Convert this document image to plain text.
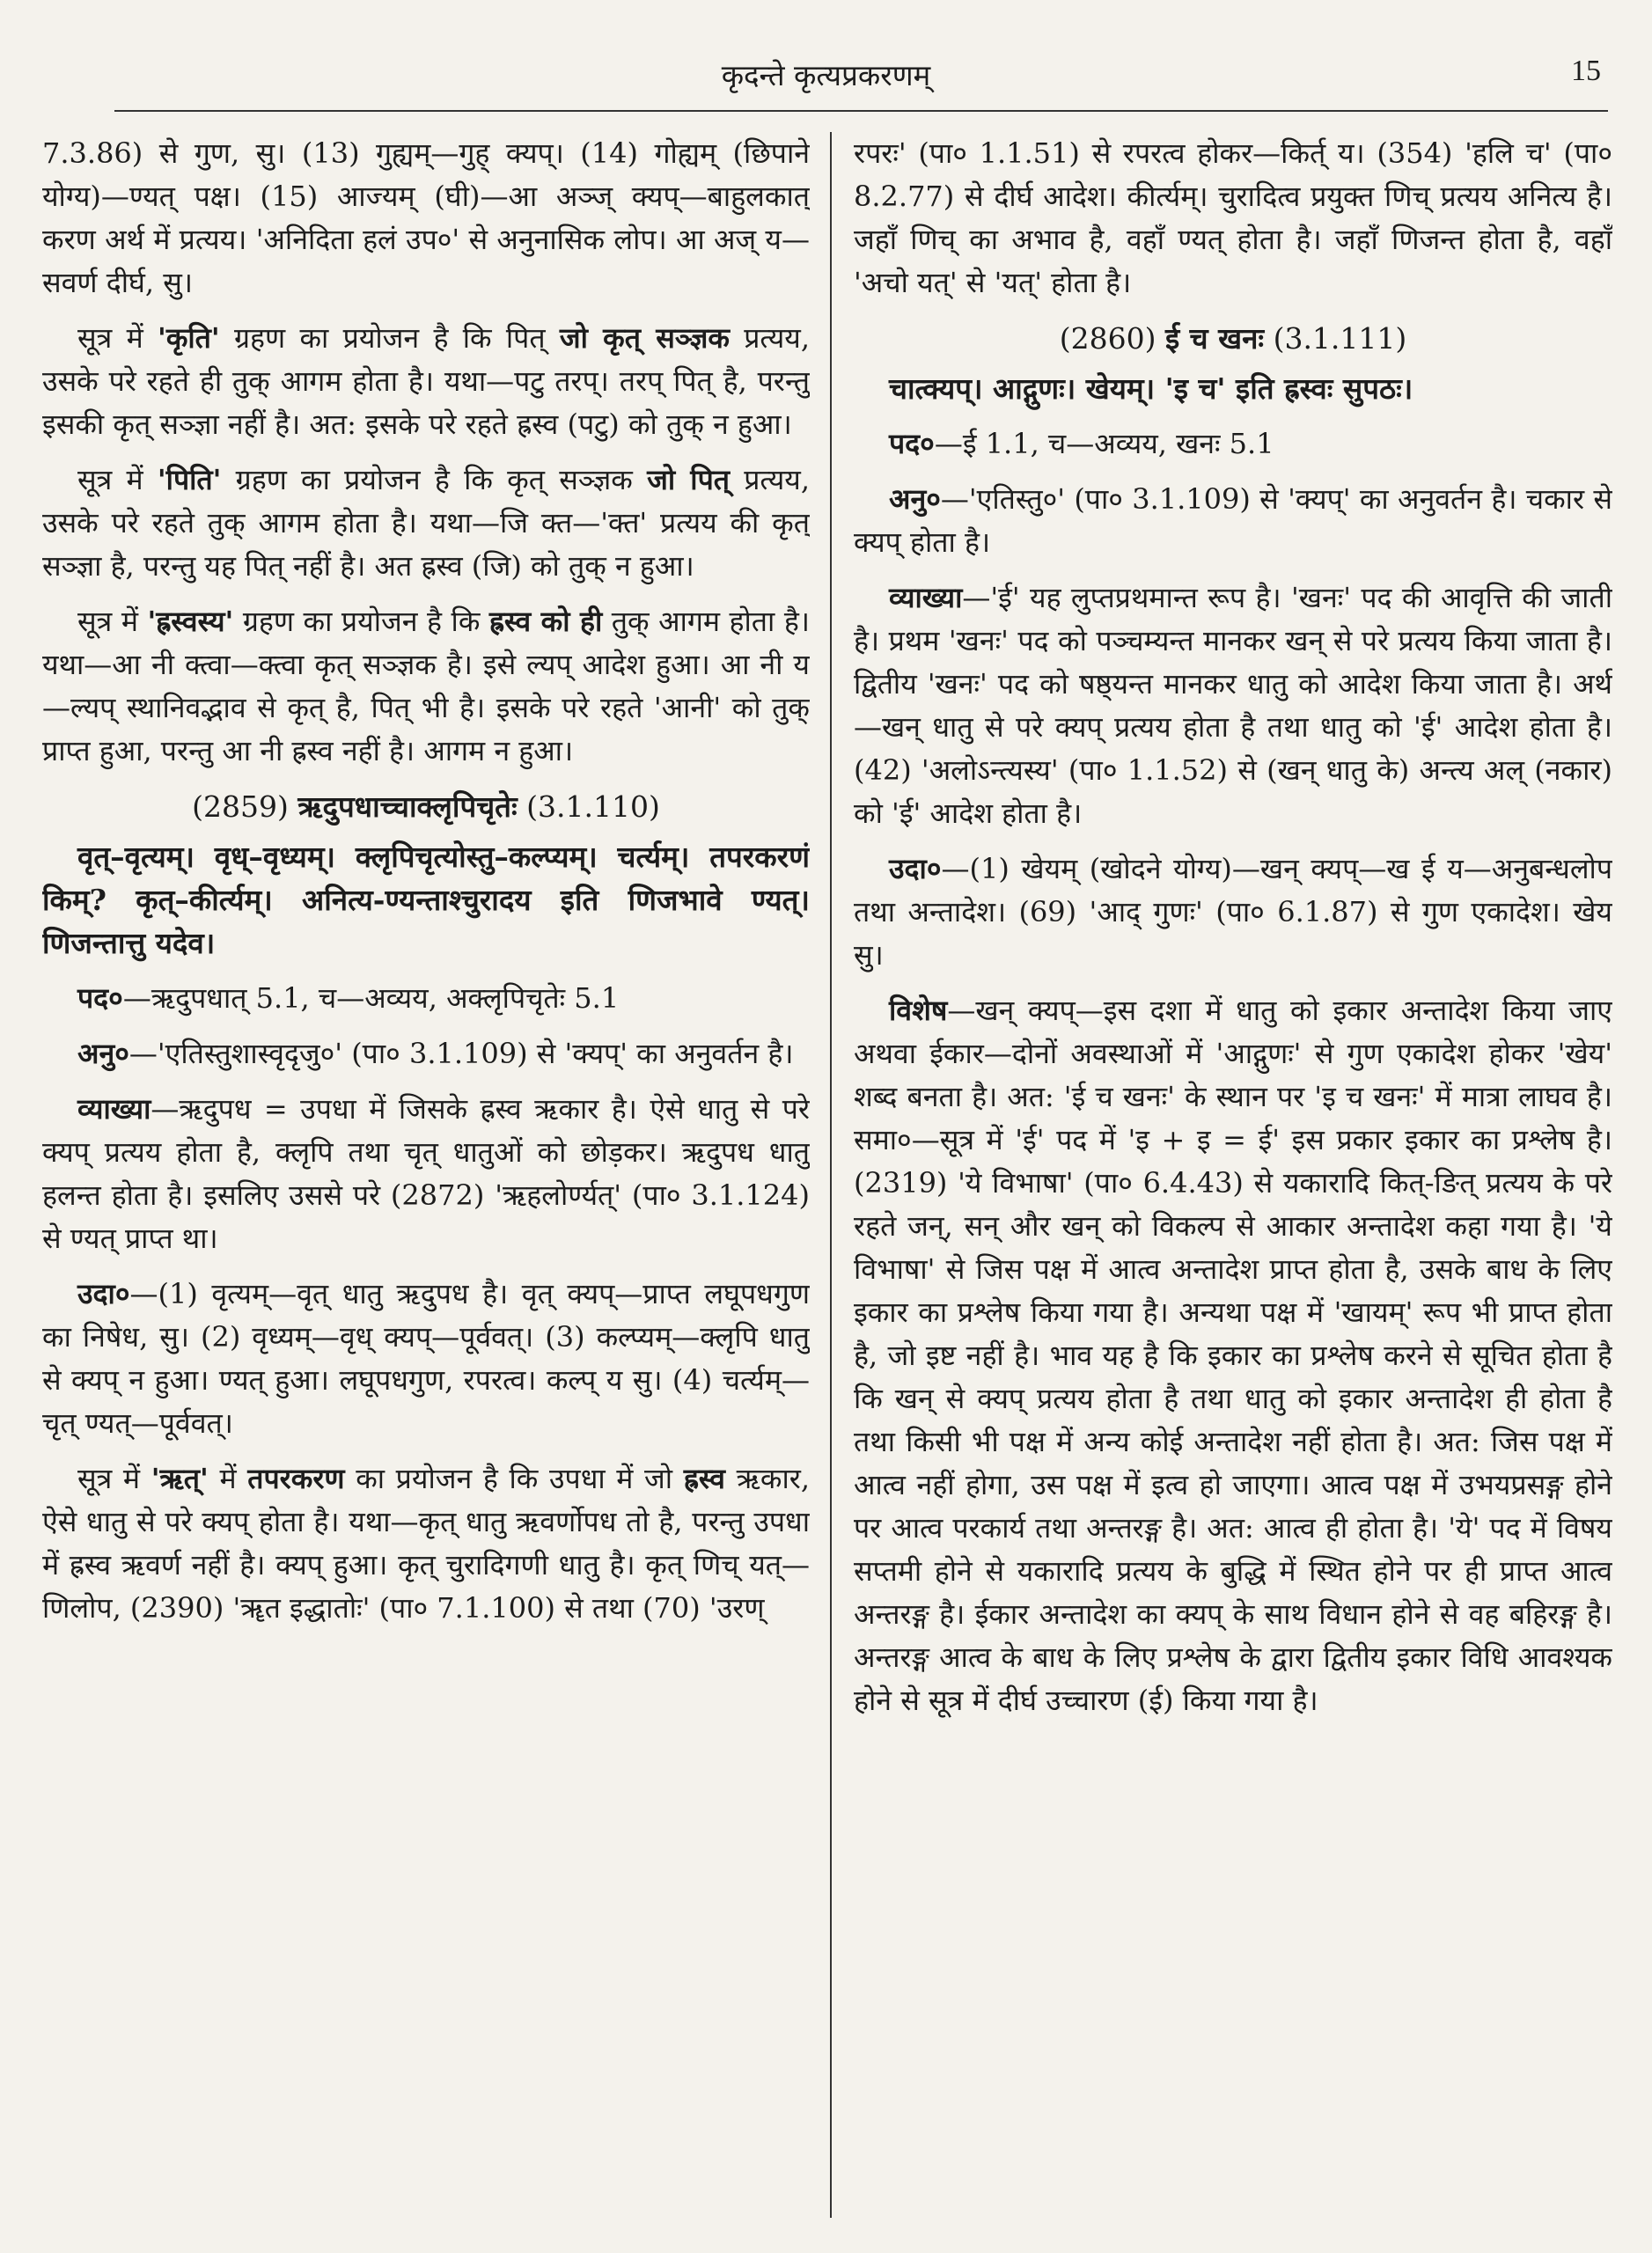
कृदन्ते कृत्यप्रकरणम्	15

7.3.86) से गुण, सु। (13) गुह्यम्—गुह् क्यप्। (14) गोह्यम् (छिपाने योग्य)—ण्यत् पक्ष। (15) आज्यम् (घी)—आ अञ्ज् क्यप्—बाहुलकात् करण अर्थ में प्रत्यय। 'अनिदिता हलं उप०' से अनुनासिक लोप। आ अज् य—सवर्ण दीर्घ, सु।

सूत्र में 'कृति' ग्रहण का प्रयोजन है कि पित् जो कृत् सञ्ज्ञक प्रत्यय, उसके परे रहते ही तुक् आगम होता है। यथा—पटु तरप्। तरप् पित् है, परन्तु इसकी कृत् सञ्ज्ञा नहीं है। अत: इसके परे रहते ह्रस्व (पटु) को तुक् न हुआ।

सूत्र में 'पिति' ग्रहण का प्रयोजन है कि कृत् सञ्ज्ञक जो पित् प्रत्यय, उसके परे रहते तुक् आगम होता है। यथा—जि क्त—'क्त' प्रत्यय की कृत् सञ्ज्ञा है, परन्तु यह पित् नहीं है। अत ह्रस्व (जि) को तुक् न हुआ।

सूत्र में 'ह्रस्वस्य' ग्रहण का प्रयोजन है कि ह्रस्व को ही तुक् आगम होता है। यथा—आ नी क्त्वा—क्त्वा कृत् सञ्ज्ञक है। इसे ल्यप् आदेश हुआ। आ नी य—ल्यप् स्थानिवद्भाव से कृत् है, पित् भी है। इसके परे रहते 'आनी' को तुक् प्राप्त हुआ, परन्तु आ नी ह्रस्व नहीं है। आगम न हुआ।

(2859) ऋदुपधाच्चाक्लृपिचृतेः (3.1.110)

वृत्–वृत्यम्। वृध्–वृध्यम्। क्लृपिचृत्योस्तु–कल्प्यम्। चर्त्यम्। तपरकरणं किम्? कृत्–कीर्त्यम्। अनित्य-ण्यन्ताश्चुरादय इति णिजभावे ण्यत्। णिजन्तात्तु यदेव।

पद०—ऋदुपधात् 5.1, च—अव्यय, अक्लृपिचृतेः 5.1

अनु०—'एतिस्तुशास्वृदृजु०' (पा० 3.1.109) से 'क्यप्' का अनुवर्तन है।

व्याख्या—ऋदुपध = उपधा में जिसके ह्रस्व ऋकार है। ऐसे धातु से परे क्यप् प्रत्यय होता है, क्लृपि तथा चृत् धातुओं को छोड़कर। ऋदुपध धातु हलन्त होता है। इसलिए उससे परे (2872) 'ऋहलोर्ण्यत्' (पा० 3.1.124) से ण्यत् प्राप्त था।

उदा०—(1) वृत्यम्—वृत् धातु ऋदुपध है। वृत् क्यप्—प्राप्त लघूपधगुण का निषेध, सु। (2) वृध्यम्—वृध् क्यप्—पूर्ववत्। (3) कल्प्यम्—क्लृपि धातु से क्यप् न हुआ। ण्यत् हुआ। लघूपधगुण, रपरत्व। कल्प् य सु। (4) चर्त्यम्—चृत् ण्यत्—पूर्ववत्।

सूत्र में 'ऋत्' में तपरकरण का प्रयोजन है कि उपधा में जो ह्रस्व ऋकार, ऐसे धातु से परे क्यप् होता है। यथा—कृत् धातु ऋवर्णोपध तो है, परन्तु उपधा में ह्रस्व ऋवर्ण नहीं है। क्यप् हुआ। कृत् चुरादिगणी धातु है। कृत् णिच् यत्—णिलोप, (2390) 'ॠत इद्धातोः' (पा० 7.1.100) से तथा (70) 'उरण्

रपरः' (पा० 1.1.51) से रपरत्व होकर—किर्त् य। (354) 'हलि च' (पा० 8.2.77) से दीर्घ आदेश। कीर्त्यम्। चुरादित्व प्रयुक्त णिच् प्रत्यय अनित्य है। जहाँ णिच् का अभाव है, वहाँ ण्यत् होता है। जहाँ णिजन्त होता है, वहाँ 'अचो यत्' से 'यत्' होता है।

(2860) ई च खनः (3.1.111)

चात्क्यप्। आद्गुणः। खेयम्। 'इ च' इति ह्रस्वः सुपठः।

पद०—ई 1.1, च—अव्यय, खनः 5.1

अनु०—'एतिस्तु०' (पा० 3.1.109) से 'क्यप्' का अनुवर्तन है। चकार से क्यप् होता है।

व्याख्या—'ई' यह लुप्तप्रथमान्त रूप है। 'खनः' पद की आवृत्ति की जाती है। प्रथम 'खनः' पद को पञ्चम्यन्त मानकर खन् से परे प्रत्यय किया जाता है। द्वितीय 'खनः' पद को षष्ठ्यन्त मानकर धातु को आदेश किया जाता है। अर्थ—खन् धातु से परे क्यप् प्रत्यय होता है तथा धातु को 'ई' आदेश होता है। (42) 'अलोऽन्त्यस्य' (पा० 1.1.52) से (खन् धातु के) अन्त्य अल् (नकार) को 'ई' आदेश होता है।

उदा०—(1) खेयम् (खोदने योग्य)—खन् क्यप्—ख ई य—अनुबन्धलोप तथा अन्तादेश। (69) 'आद् गुणः' (पा० 6.1.87) से गुण एकादेश। खेय सु।

विशेष—खन् क्यप्—इस दशा में धातु को इकार अन्तादेश किया जाए अथवा ईकार—दोनों अवस्थाओं में 'आद्गुणः' से गुण एकादेश होकर 'खेय' शब्द बनता है। अत: 'ई च खनः' के स्थान पर 'इ च खनः' में मात्रा लाघव है। समा०—सूत्र में 'ई' पद में 'इ + इ = ई' इस प्रकार इकार का प्रश्लेष है। (2319) 'ये विभाषा' (पा० 6.4.43) से यकारादि कित्-ङित् प्रत्यय के परे रहते जन्, सन् और खन् को विकल्प से आकार अन्तादेश कहा गया है। 'ये विभाषा' से जिस पक्ष में आत्व अन्तादेश प्राप्त होता है, उसके बाध के लिए इकार का प्रश्लेष किया गया है। अन्यथा पक्ष में 'खायम्' रूप भी प्राप्त होता है, जो इष्ट नहीं है। भाव यह है कि इकार का प्रश्लेष करने से सूचित होता है कि खन् से क्यप् प्रत्यय होता है तथा धातु को इकार अन्तादेश ही होता है तथा किसी भी पक्ष में अन्य कोई अन्तादेश नहीं होता है। अत: जिस पक्ष में आत्व नहीं होगा, उस पक्ष में इत्व हो जाएगा। आत्व पक्ष में उभयप्रसङ्ग होने पर आत्व परकार्य तथा अन्तरङ्ग है। अत: आत्व ही होता है। 'ये' पद में विषय सप्तमी होने से यकारादि प्रत्यय के बुद्धि में स्थित होने पर ही प्राप्त आत्व अन्तरङ्ग है। ईकार अन्तादेश का क्यप् के साथ विधान होने से वह बहिरङ्ग है। अन्तरङ्ग आत्व के बाध के लिए प्रश्लेष के द्वारा द्वितीय इकार विधि आवश्यक होने से सूत्र में दीर्घ उच्चारण (ई) किया गया है।
